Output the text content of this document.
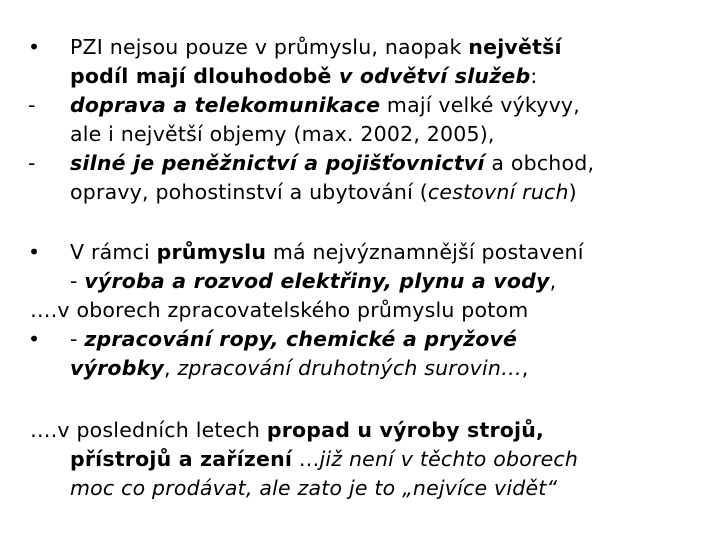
• PZI nejsou pouze v průmyslu, naopak největší
podíl mají dlouhodobě v odvětví služeb:
- doprava a telekomunikace mají velké výkyvy,
ale i největší objemy (max. 2002, 2005),
- silné je peněžnictví a pojišťovnictví a obchod,
opravy, pohostinství a ubytování (cestovní ruch)
• V rámci průmyslu má nejvýznamnější postavení
- výroba a rozvod elektřiny, plynu a vody,
….v oborech zpracovatelského průmyslu potom
• - zpracování ropy, chemické a pryžové
výrobky, zpracování druhotných surovin…,
….v posledních letech propad u výroby strojů,
přístrojů a zařízení …již není v těchto oborech
moc co prodávat, ale zato je to „nejvíce vidět“
